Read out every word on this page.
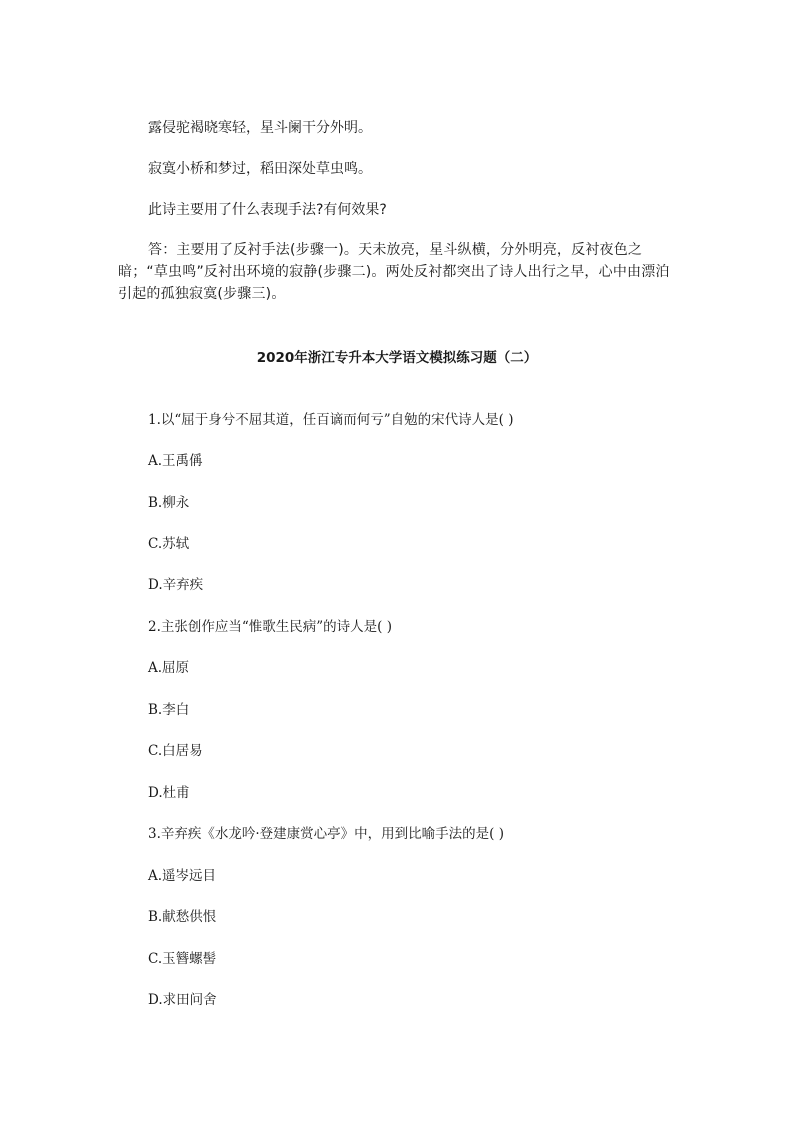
露侵驼褐晓寒轻，星斗阑干分外明。
寂寞小桥和梦过，稻田深处草虫鸣。
此诗主要用了什么表现手法?有何效果?
答：主要用了反衬手法(步骤一)。天未放亮，星斗纵横，分外明亮，反衬夜色之暗；“草虫鸣”反衬出环境的寂静(步骤二)。两处反衬都突出了诗人出行之早，心中由漂泊引起的孤独寂寞(步骤三)。
2020年浙江专升本大学语文模拟练习题（二）
1.以“屈于身兮不屈其道，任百谪而何亏”自勉的宋代诗人是( )
A.王禹偁
B.柳永
C.苏轼
D.辛弃疾
2.主张创作应当“惟歌生民病”的诗人是( )
A.屈原
B.李白
C.白居易
D.杜甫
3.辛弃疾《水龙吟·登建康赏心亭》中，用到比喻手法的是( )
A.遥岑远目
B.献愁供恨
C.玉簪螺髻
D.求田问舍
